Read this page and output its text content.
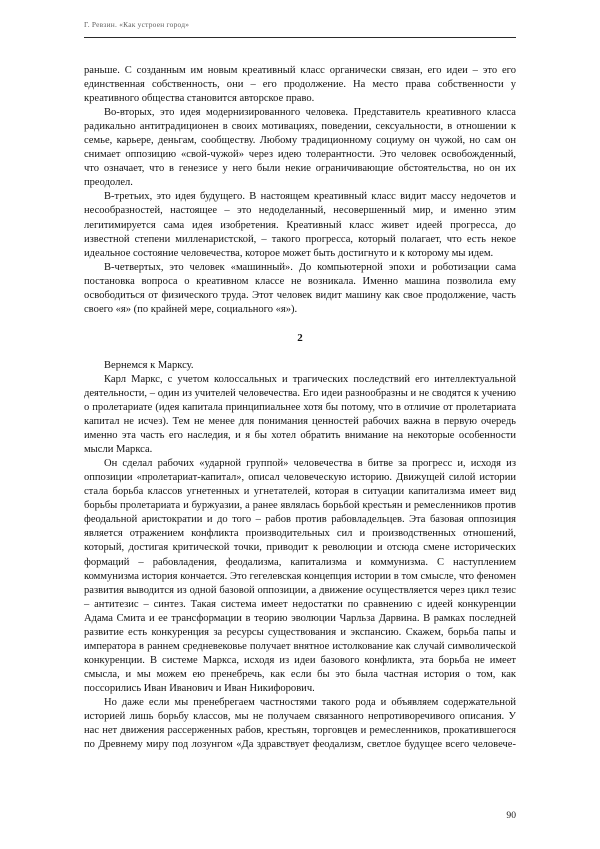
Г. Ревзин. «Как устроен город»

раньше. С созданным им новым креативный класс органически связан, его идеи – это его единственная собственность, они – его продолжение. На место права собственности у креативного общества становится авторское право.

Во-вторых, это идея модернизированного человека. Представитель креативного класса радикально антитрадиционен в своих мотивациях, поведении, сексуальности, в отношении к семье, карьере, деньгам, сообществу. Любому традиционному социуму он чужой, но сам он снимает оппозицию «свой-чужой» через идею толерантности. Это человек освобожденный, что означает, что в генезисе у него были некие ограничивающие обстоятельства, но он их преодолел.

В-третьих, это идея будущего. В настоящем креативный класс видит массу недочетов и несообразностей, настоящее – это недоделанный, несовершенный мир, и именно этим легитимируется сама идея изобретения. Креативный класс живет идеей прогресса, до известной степени милленаристской, – такого прогресса, который полагает, что есть некое идеальное состояние человечества, которое может быть достигнуто и к которому мы идем.

В-четвертых, это человек «машинный». До компьютерной эпохи и роботизации сама постановка вопроса о креативном классе не возникала. Именно машина позволила ему освободиться от физического труда. Этот человек видит машину как свое продолжение, часть своего «я» (по крайней мере, социального «я»).

2

Вернемся к Марксу.

Карл Маркс, с учетом колоссальных и трагических последствий его интеллектуальной деятельности, – один из учителей человечества. Его идеи разнообразны и не сводятся к учению о пролетариате (идея капитала принципиальнее хотя бы потому, что в отличие от пролетариата капитал не исчез). Тем не менее для понимания ценностей рабочих важна в первую очередь именно эта часть его наследия, и я бы хотел обратить внимание на некоторые особенности мысли Маркса.

Он сделал рабочих «ударной группой» человечества в битве за прогресс и, исходя из оппозиции «пролетариат-капитал», описал человеческую историю. Движущей силой истории стала борьба классов угнетенных и угнетателей, которая в ситуации капитализма имеет вид борьбы пролетариата и буржуазии, а ранее являлась борьбой крестьян и ремесленников против феодальной аристократии и до того – рабов против рабовладельцев. Эта базовая оппозиция является отражением конфликта производительных сил и производственных отношений, который, достигая критической точки, приводит к революции и отсюда смене исторических формаций – рабовладения, феодализма, капитализма и коммунизма. С наступлением коммунизма история кончается. Это гегелевская концепция истории в том смысле, что феномен развития выводится из одной базовой оппозиции, а движение осуществляется через цикл тезис – антитезис – синтез. Такая система имеет недостатки по сравнению с идеей конкуренции Адама Смита и ее трансформации в теорию эволюции Чарльза Дарвина. В рамках последней развитие есть конкуренция за ресурсы существования и экспансию. Скажем, борьба папы и императора в раннем средневековье получает внятное истолкование как случай символической конкуренции. В системе Маркса, исходя из идеи базового конфликта, эта борьба не имеет смысла, и мы можем ею пренебречь, как если бы это была частная история о том, как поссорились Иван Иванович и Иван Никифорович.

Но даже если мы пренебрегаем частностями такого рода и объявляем содержательной историей лишь борьбу классов, мы не получаем связанного непротиворечивого описания. У нас нет движения рассерженных рабов, крестьян, торговцев и ремесленников, прокатившегося по Древнему миру под лозунгом «Да здравствует феодализм, светлое будущее всего человече-

90
